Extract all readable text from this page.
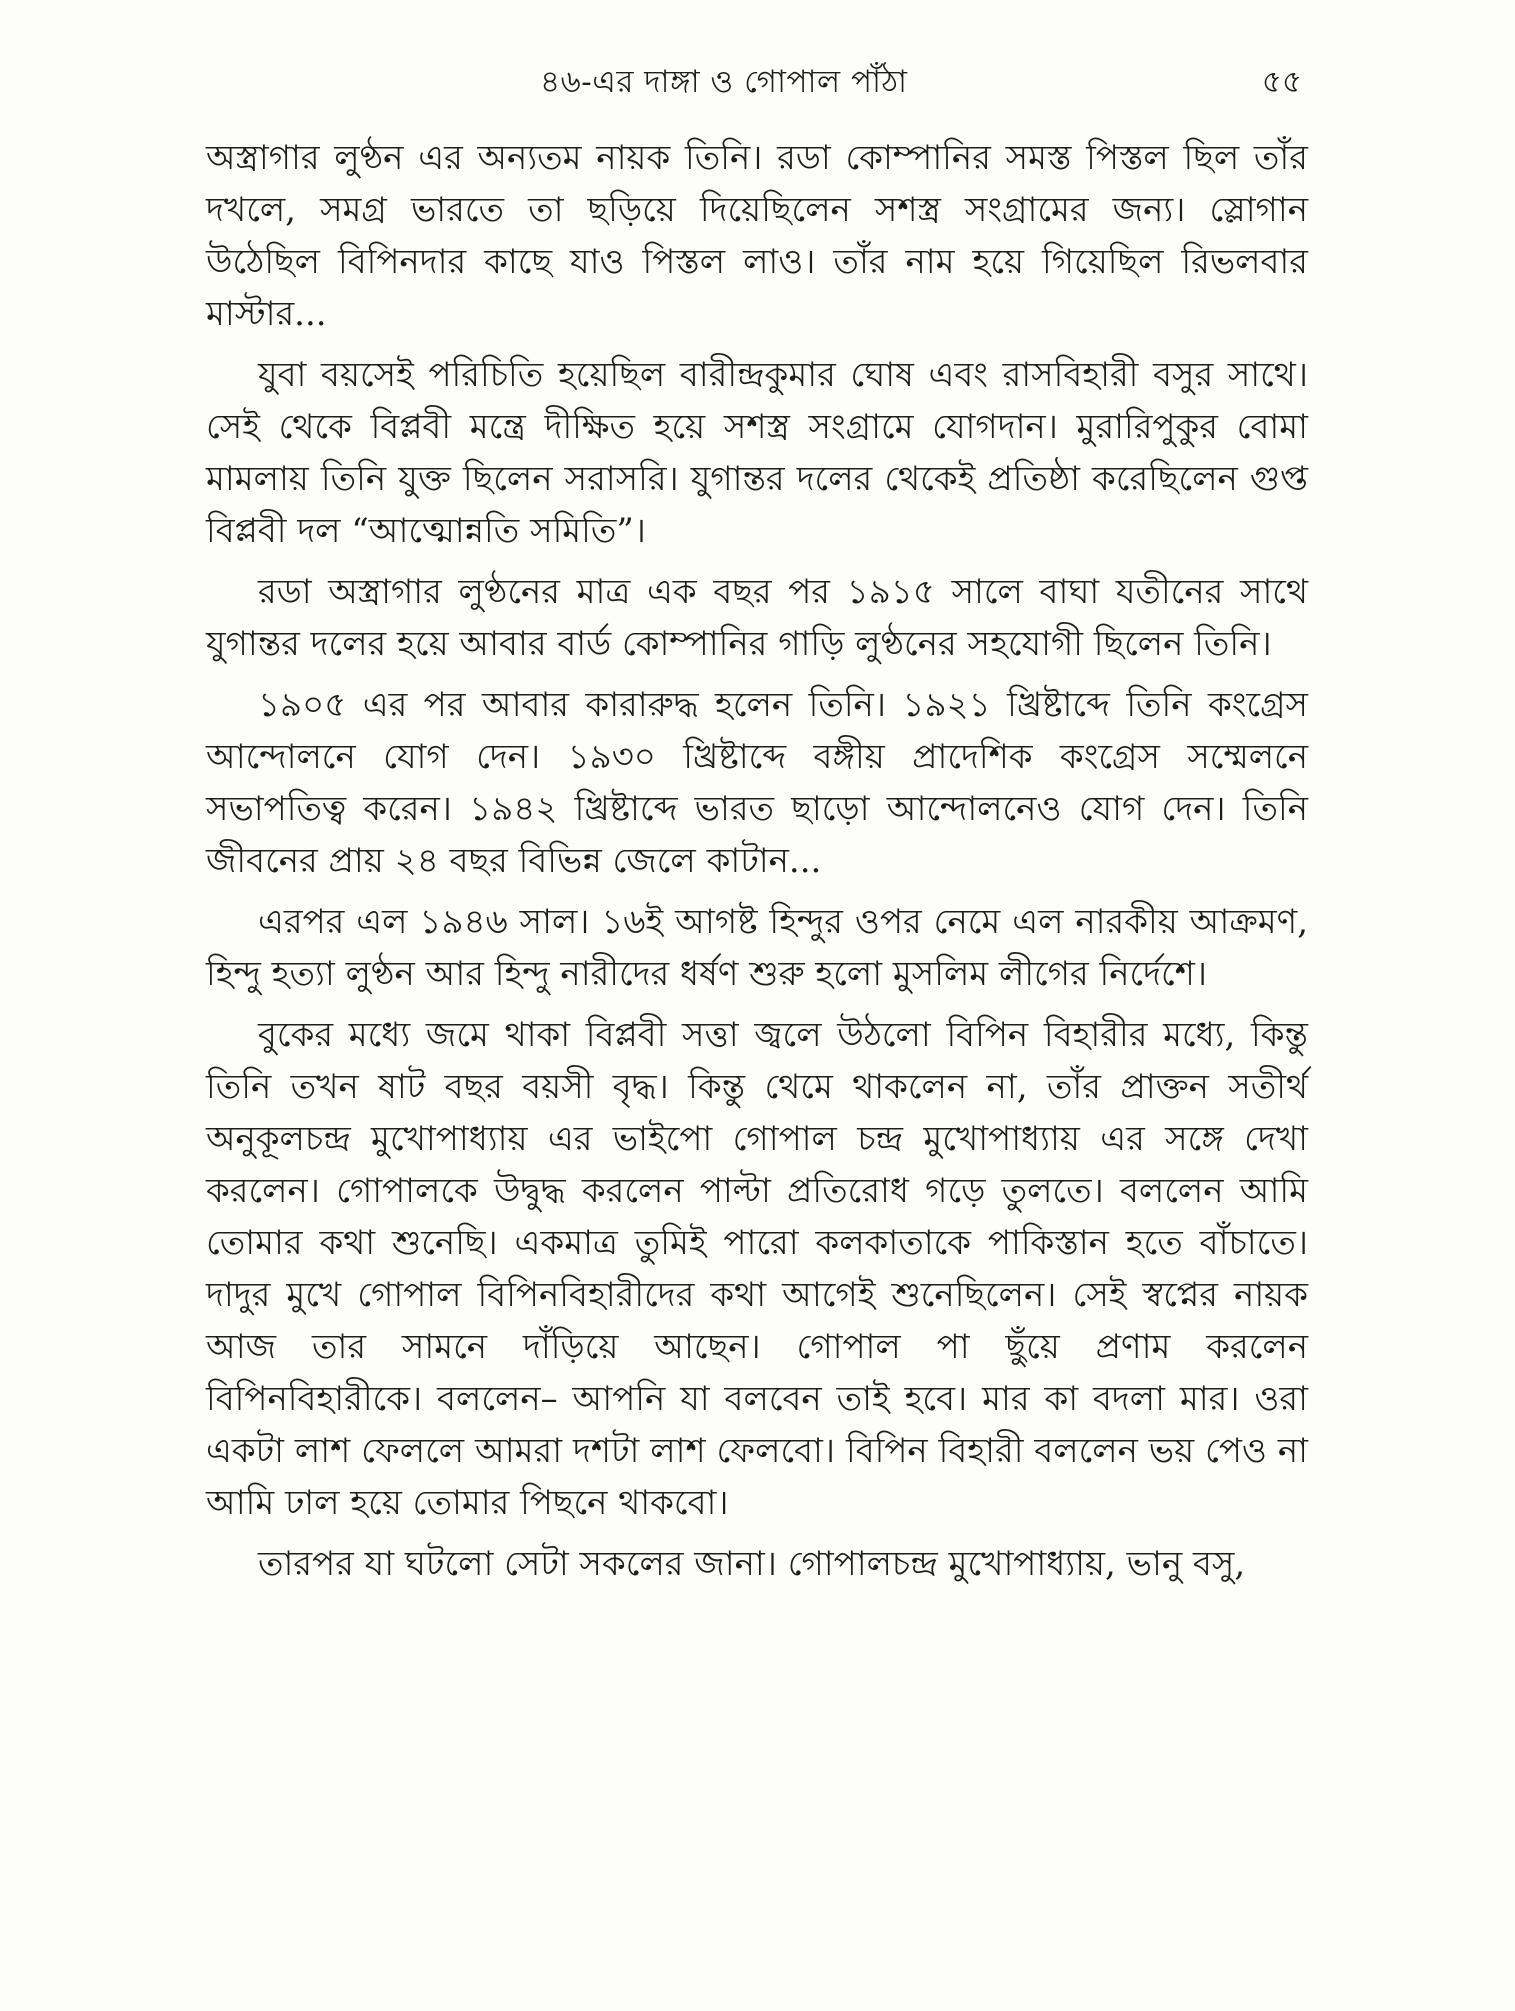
৪৬-এর দাঙ্গা ও গোপাল পাঁঠা	৫৫

অস্ত্রাগার লুণ্ঠন এর অন্যতম নায়ক তিনি। রডা কোম্পানির সমস্ত পিস্তল ছিল তাঁর দখলে, সমগ্র ভারতে তা ছড়িয়ে দিয়েছিলেন সশস্ত্র সংগ্রামের জন্য। স্লোগান উঠেছিল বিপিনদার কাছে যাও পিস্তল লাও। তাঁর নাম হয়ে গিয়েছিল রিভলবার মাস্টার...

যুবা বয়সেই পরিচিতি হয়েছিল বারীন্দ্রকুমার ঘোষ এবং রাসবিহারী বসুর সাথে। সেই থেকে বিপ্লবী মন্ত্রে দীক্ষিত হয়ে সশস্ত্র সংগ্রামে যোগদান। মুরারিপুকুর বোমা মামলায় তিনি যুক্ত ছিলেন সরাসরি। যুগান্তর দলের থেকেই প্রতিষ্ঠা করেছিলেন গুপ্ত বিপ্লবী দল “আত্মোন্নতি সমিতি”।

রডা অস্ত্রাগার লুণ্ঠনের মাত্র এক বছর পর ১৯১৫ সালে বাঘা যতীনের সাথে যুগান্তর দলের হয়ে আবার বার্ড কোম্পানির গাড়ি লুণ্ঠনের সহযোগী ছিলেন তিনি।

১৯০৫ এর পর আবার কারারুদ্ধ হলেন তিনি। ১৯২১ খ্রিষ্টাব্দে তিনি কংগ্রেস আন্দোলনে যোগ দেন। ১৯৩০ খ্রিষ্টাব্দে বঙ্গীয় প্রাদেশিক কংগ্রেস সম্মেলনে সভাপতিত্ব করেন। ১৯৪২ খ্রিষ্টাব্দে ভারত ছাড়ো আন্দোলনেও যোগ দেন। তিনি জীবনের প্রায় ২৪ বছর বিভিন্ন জেলে কাটান...

এরপর এল ১৯৪৬ সাল। ১৬ই আগষ্ট হিন্দুর ওপর নেমে এল নারকীয় আক্রমণ, হিন্দু হত্যা লুণ্ঠন আর হিন্দু নারীদের ধর্ষণ শুরু হলো মুসলিম লীগের নির্দেশে।

বুকের মধ্যে জমে থাকা বিপ্লবী সত্তা জ্বলে উঠলো বিপিন বিহারীর মধ্যে, কিন্তু তিনি তখন ষাট বছর বয়সী বৃদ্ধ। কিন্তু থেমে থাকলেন না, তাঁর প্রাক্তন সতীর্থ অনুকূলচন্দ্র মুখোপাধ্যায় এর ভাইপো গোপাল চন্দ্র মুখোপাধ্যায় এর সঙ্গে দেখা করলেন। গোপালকে উদ্বুদ্ধ করলেন পাল্টা প্রতিরোধ গড়ে তুলতে। বললেন আমি তোমার কথা শুনেছি। একমাত্র তুমিই পারো কলকাতাকে পাকিস্তান হতে বাঁচাতে। দাদুর মুখে গোপাল বিপিনবিহারীদের কথা আগেই শুনেছিলেন। সেই স্বপ্নের নায়ক আজ তার সামনে দাঁড়িয়ে আছেন। গোপাল পা ছুঁয়ে প্রণাম করলেন বিপিনবিহারীকে। বললেন– আপনি যা বলবেন তাই হবে। মার কা বদলা মার। ওরা একটা লাশ ফেললে আমরা দশটা লাশ ফেলবো। বিপিন বিহারী বললেন ভয় পেও না আমি ঢাল হয়ে তোমার পিছনে থাকবো।

তারপর যা ঘটলো সেটা সকলের জানা। গোপালচন্দ্র মুখোপাধ্যায়, ভানু বসু,
